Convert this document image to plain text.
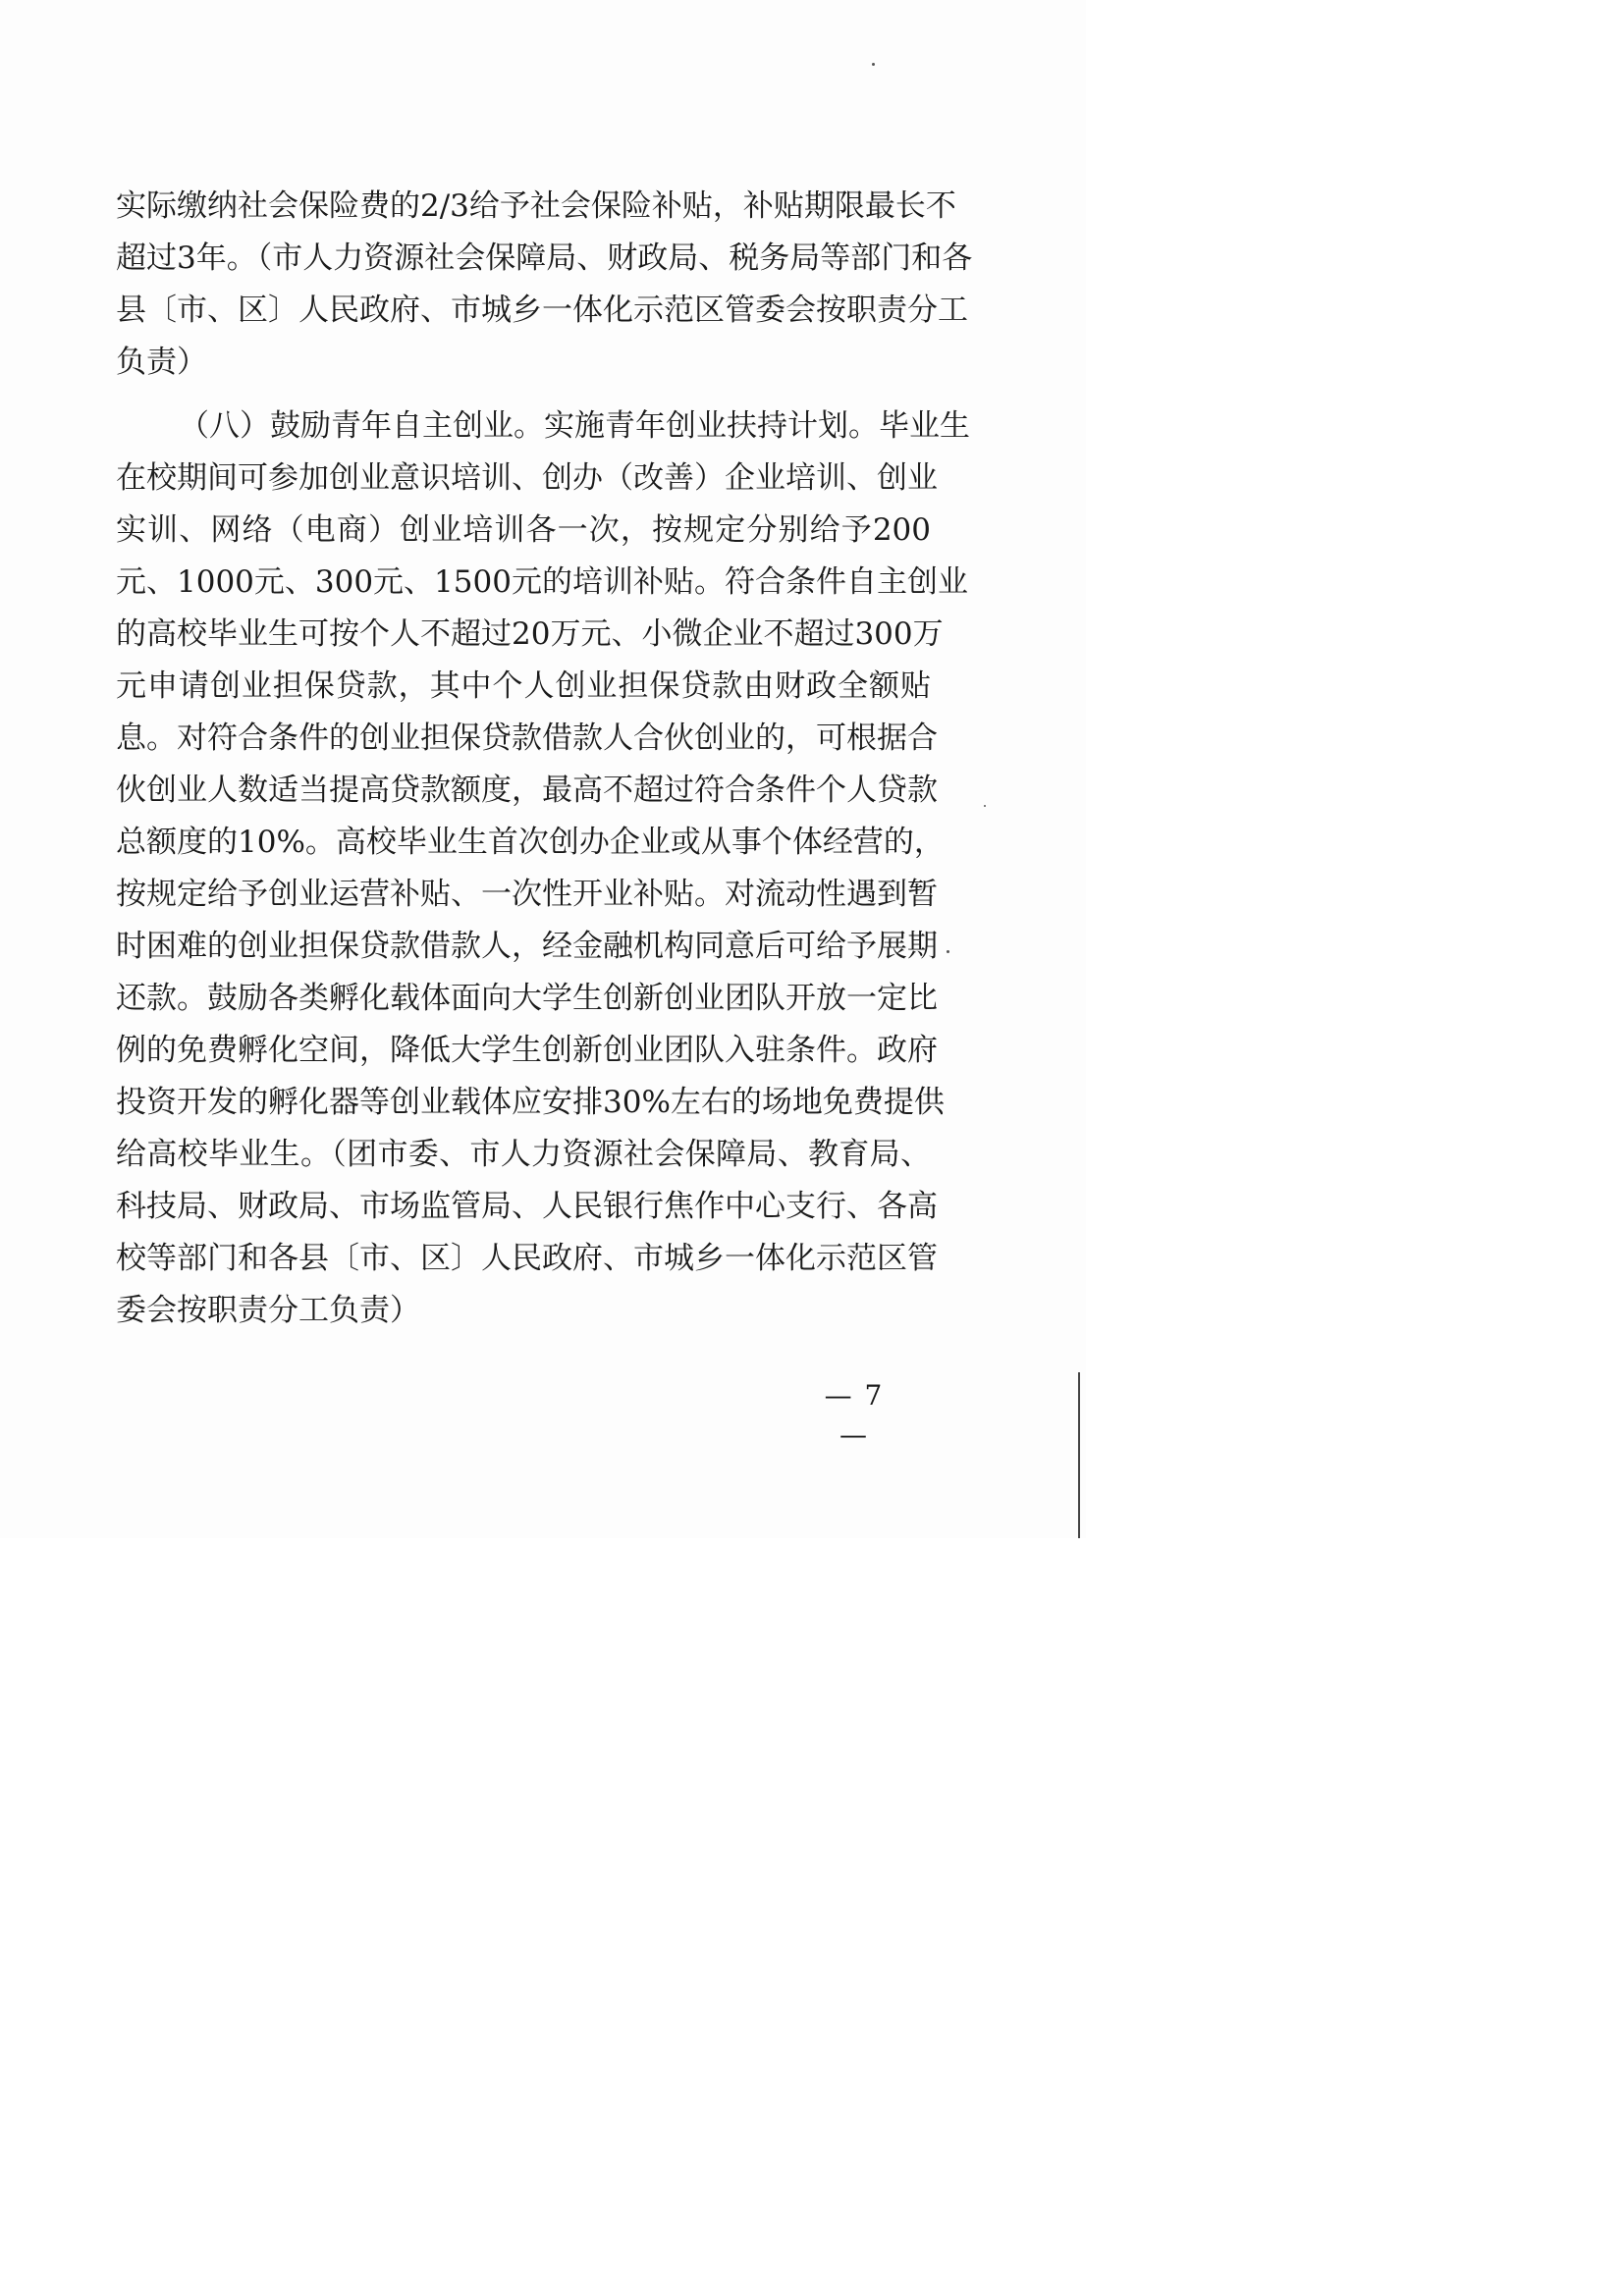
实际缴纳社会保险费的2/3给予社会保险补贴，补贴期限最长不
超过3年。（市人力资源社会保障局、财政局、税务局等部门和各
县〔市、区〕人民政府、市城乡一体化示范区管委会按职责分工
负责）
（八）鼓励青年自主创业。实施青年创业扶持计划。毕业生
在校期间可参加创业意识培训、创办（改善）企业培训、创业
实训、网络（电商）创业培训各一次，按规定分别给予200
元、1000元、300元、1500元的培训补贴。符合条件自主创业
的高校毕业生可按个人不超过20万元、小微企业不超过300万
元申请创业担保贷款，其中个人创业担保贷款由财政全额贴
息。对符合条件的创业担保贷款借款人合伙创业的，可根据合
伙创业人数适当提高贷款额度，最高不超过符合条件个人贷款
总额度的10%。高校毕业生首次创办企业或从事个体经营的，
按规定给予创业运营补贴、一次性开业补贴。对流动性遇到暂
时困难的创业担保贷款借款人，经金融机构同意后可给予展期
还款。鼓励各类孵化载体面向大学生创新创业团队开放一定比
例的免费孵化空间，降低大学生创新创业团队入驻条件。政府
投资开发的孵化器等创业载体应安排30%左右的场地免费提供
给高校毕业生。（团市委、市人力资源社会保障局、教育局、
科技局、财政局、市场监管局、人民银行焦作中心支行、各高
校等部门和各县〔市、区〕人民政府、市城乡一体化示范区管
委会按职责分工负责）
— 7 —
